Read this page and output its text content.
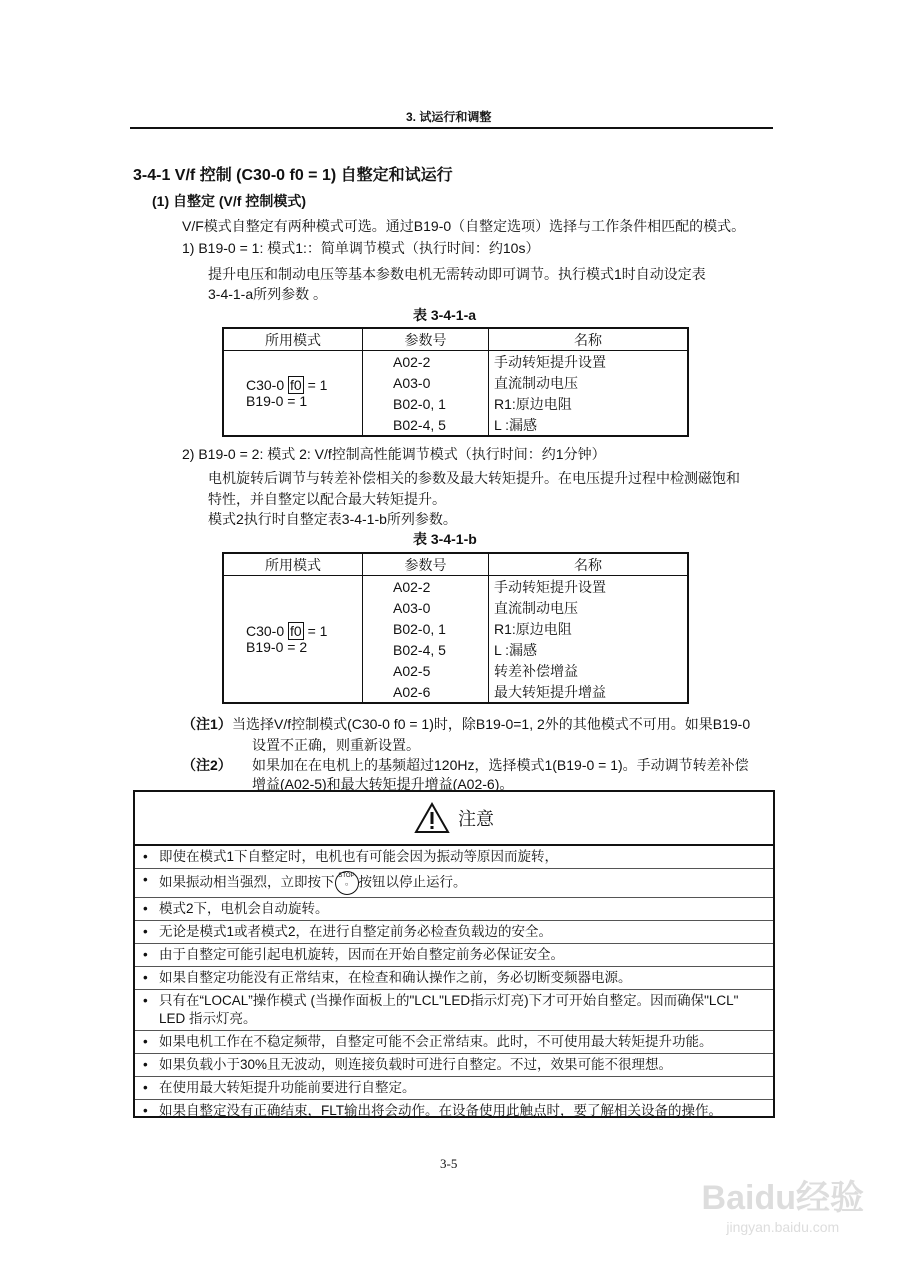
3. 试运行和调整
3-4-1 V/f 控制 (C30-0 f0 = 1) 自整定和试运行
(1) 自整定 (V/f 控制模式)
V/F模式自整定有两种模式可选。通过B19-0（自整定选项）选择与工作条件相匹配的模式。
1) B19-0 = 1: 模式1:：简单调节模式（执行时间：约10s）
提升电压和制动电压等基本参数电机无需转动即可调节。执行模式1时自动设定表
3-4-1-a所列参数 。
表 3-4-1-a
所用模式	参数号	名称

C30-0 f0 = 1
B19-0 = 1	A02-2	手动转矩提升设置
	A03-0	直流制动电压
	B02-0, 1	R1:原边电阻
	B02-4, 5	L :漏感
2) B19-0 = 2: 模式 2: V/f控制高性能调节模式（执行时间：约1分钟）
电机旋转后调节与转差补偿相关的参数及最大转矩提升。在电压提升过程中检测磁饱和
特性，并自整定以配合最大转矩提升。
模式2执行时自整定表3-4-1-b所列参数。
表 3-4-1-b
所用模式	参数号	名称

C30-0 f0 = 1
B19-0 = 2	A02-2	手动转矩提升设置
	A03-0	直流制动电压
	B02-0, 1	R1:原边电阻
	B02-4, 5	L :漏感
	A02-5	转差补偿增益
	A02-6	最大转矩提升增益
（注1） 当选择V/f控制模式(C30-0 f0 = 1)时，除B19-0=1, 2外的其他模式不可用。如果B19-0
设置不正确，则重新设置。
（注2） 如果加在在电机上的基频超过120Hz，选择模式1(B19-0 = 1)。手动调节转差补偿
增益(A02-5)和最大转矩提升增益(A02-6)。
注意
• 即使在模式1下自整定时，电机也有可能会因为振动等原因而旋转，
• 如果振动相当强烈，立即按下 STOP
○ 按钮以停止运行。
• 模式2下，电机会自动旋转。
• 无论是模式1或者模式2，在进行自整定前务必检查负载边的安全。
• 由于自整定可能引起电机旋转，因而在开始自整定前务必保证安全。
• 如果自整定功能没有正常结束，在检查和确认操作之前，务必切断变频器电源。
• 只有在“LOCAL”操作模式 (当操作面板上的"LCL"LED指示灯亮)下才可开始自整定。因而确保"LCL" LED 指示灯亮。
• 如果电机工作在不稳定频带，自整定可能不会正常结束。此时，不可使用最大转矩提升功能。
• 如果负载小于30%且无波动，则连接负载时可进行自整定。不过，效果可能不很理想。
• 在使用最大转矩提升功能前要进行自整定。
• 如果自整定没有正确结束，FLT输出将会动作。在设备使用此触点时，要了解相关设备的操作。
3-5
Baidu经验
jingyan.baidu.com
